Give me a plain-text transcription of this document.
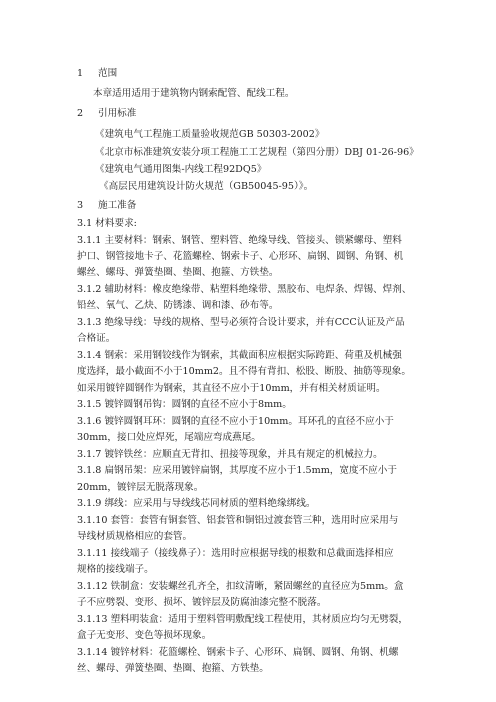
1 范围
本章适用适用于建筑物内钢索配管、配线工程。
2 引用标准
《建筑电气工程施工质量验收规范GB 50303-2002》
《北京市标准建筑安装分项工程施工工艺规程（第四分册）DBJ 01-26-96》
《建筑电气通用图集-内线工程92DQ5》
《高层民用建筑设计防火规范（GB50045-95）》。
3 施工准备
3.1 材料要求:
3.1.1 主要材料：钢索、钢管、塑料管、绝缘导线、管接头、锁紧螺母、塑料
护口、钢管接地卡子、花篮螺栓、钢索卡子、心形环、扁钢、圆钢、角钢、机
螺丝、螺母、弹簧垫圈、垫圈、抱箍、方铁垫。
3.1.2 辅助材料：橡皮绝缘带、粘塑料绝缘带、黑胶布、电焊条、焊锡、焊剂、
铅丝、氧气、乙炔、防锈漆、调和漆、砂布等。
3.1.3 绝缘导线：导线的规格、型号必须符合设计要求，并有CCC认证及产品
合格证。
3.1.4 钢索：采用钢铰线作为钢索，其截面积应根据实际跨距、荷重及机械强
度选择，最小截面不小于10mm2。且不得有背扣、松股、断股、抽筋等现象。
如采用镀锌圆钢作为钢索，其直径不应小于10mm，并有相关材质证明。
3.1.5 镀锌圆钢吊钩：圆钢的直径不应小于8mm。
3.1.6 镀锌圆钢耳环：圆钢的直径不应小于10mm。耳环孔的直径不应小于
30mm，接口处应焊死，尾端应弯成燕尾。
3.1.7 镀锌铁丝：应顺直无背扣、扭接等现象，并具有规定的机械拉力。
3.1.8 扁钢吊架：应采用镀锌扁钢，其厚度不应小于1.5mm，宽度不应小于
20mm，镀锌层无脱落现象。
3.1.9 绑线：应采用与导线线芯同材质的塑料绝缘绑线。
3.1.10 套管：套管有铜套管、铝套管和铜铝过渡套管三种，选用时应采用与
导线材质规格相应的套管。
3.1.11 接线端子（接线鼻子）：选用时应根据导线的根数和总截面选择相应
规格的接线端子。
3.1.12 铁制盒：安装螺丝孔齐全，扣纹清晰，紧固螺丝的直径应为5mm。盒
子不应劈裂、变形、损坏、镀锌层及防腐油漆完整不脱落。
3.1.13 塑料明装盒：适用于塑料管明敷配线工程使用，其材质应均匀无劈裂，
盒子无变形、变色等损坏现象。
3.1.14 镀锌材料：花篮螺栓、钢索卡子、心形环、扁钢、圆钢、角钢、机螺
丝、螺母、弹簧垫圈、垫圈、抱箍、方铁垫。
